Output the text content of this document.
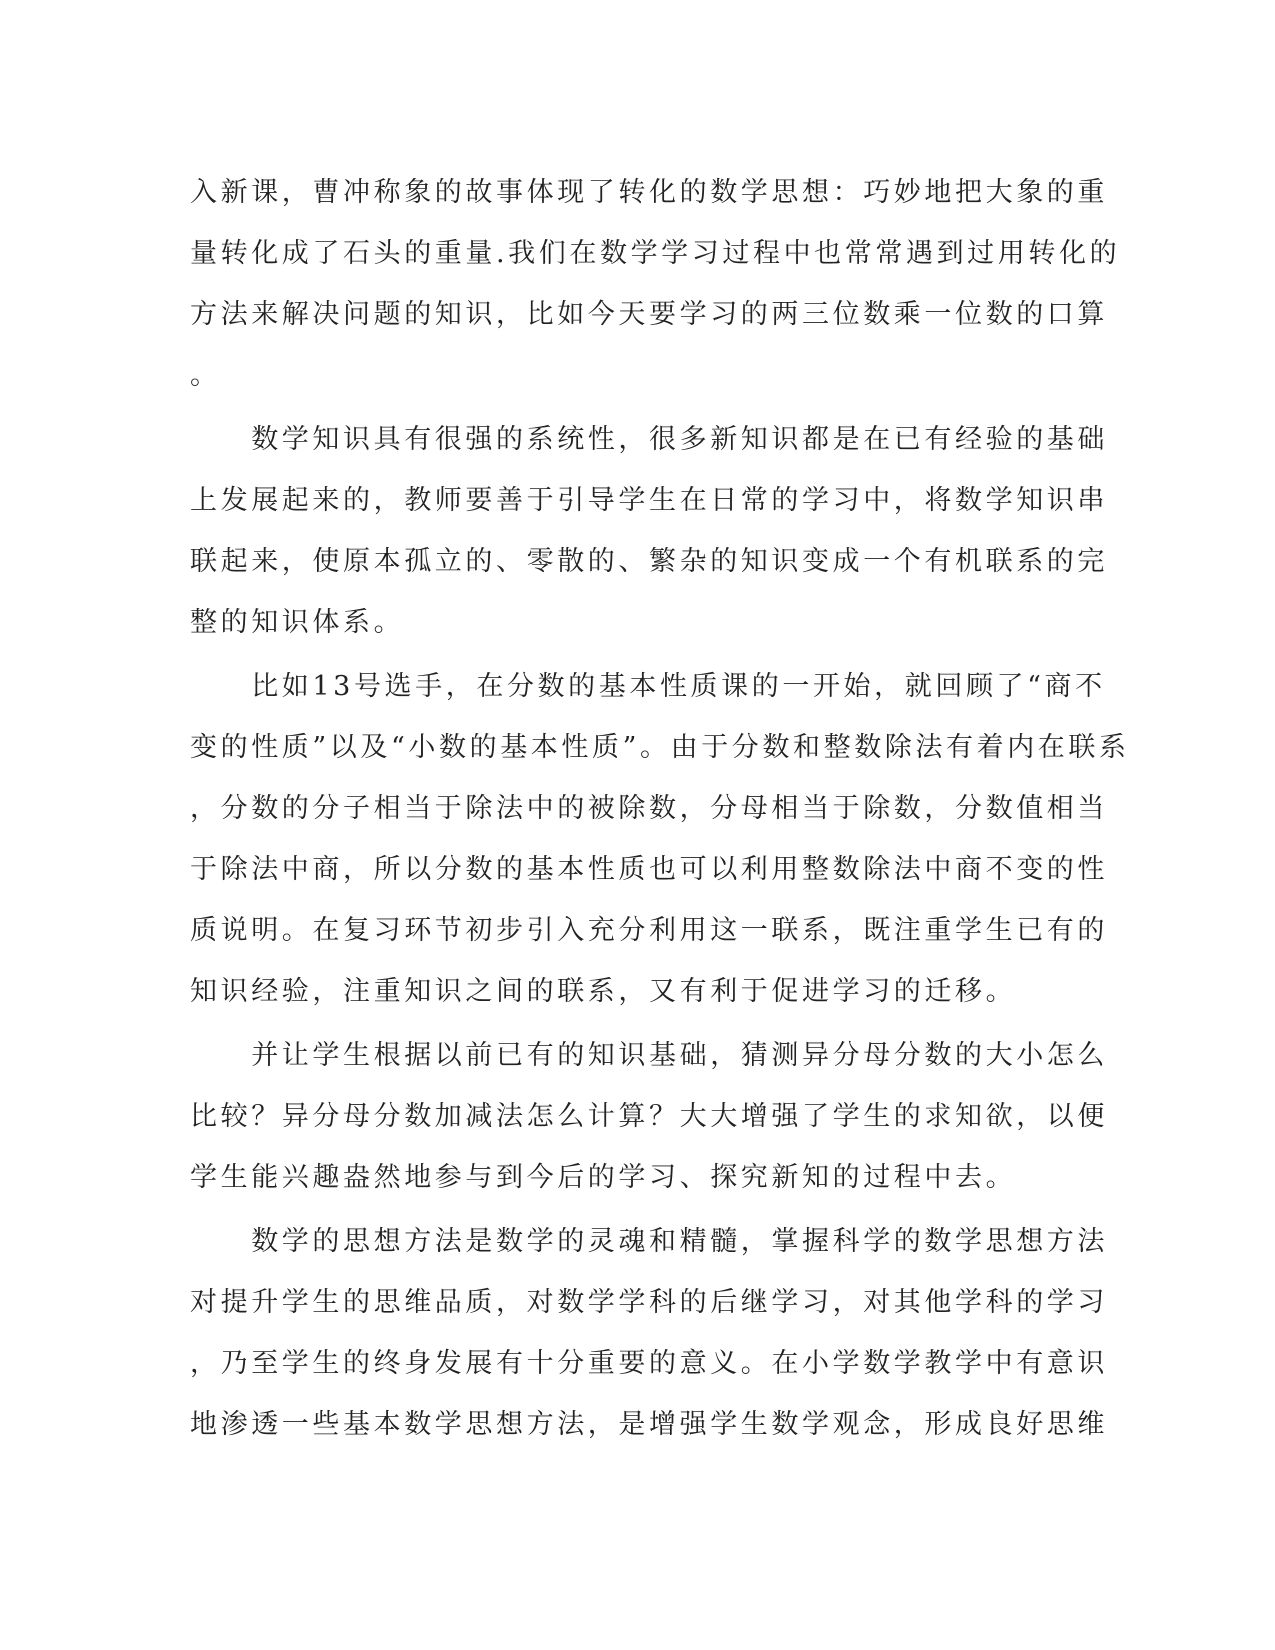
入新课，曹冲称象的故事体现了转化的数学思想：巧妙地把大象的重
量转化成了石头的重量.我们在数学学习过程中也常常遇到过用转化的
方法来解决问题的知识，比如今天要学习的两三位数乘一位数的口算
。
　　数学知识具有很强的系统性，很多新知识都是在已有经验的基础
上发展起来的，教师要善于引导学生在日常的学习中，将数学知识串
联起来，使原本孤立的、零散的、繁杂的知识变成一个有机联系的完
整的知识体系。
　　比如13号选手，在分数的基本性质课的一开始，就回顾了“商不
变的性质”以及“小数的基本性质”。由于分数和整数除法有着内在联系
，分数的分子相当于除法中的被除数，分母相当于除数，分数值相当
于除法中商，所以分数的基本性质也可以利用整数除法中商不变的性
质说明。在复习环节初步引入充分利用这一联系，既注重学生已有的
知识经验，注重知识之间的联系，又有利于促进学习的迁移。
　　并让学生根据以前已有的知识基础，猜测异分母分数的大小怎么
比较？异分母分数加减法怎么计算？大大增强了学生的求知欲，以便
学生能兴趣盎然地参与到今后的学习、探究新知的过程中去。
　　数学的思想方法是数学的灵魂和精髓，掌握科学的数学思想方法
对提升学生的思维品质，对数学学科的后继学习，对其他学科的学习
，乃至学生的终身发展有十分重要的意义。在小学数学教学中有意识
地渗透一些基本数学思想方法，是增强学生数学观念，形成良好思维
